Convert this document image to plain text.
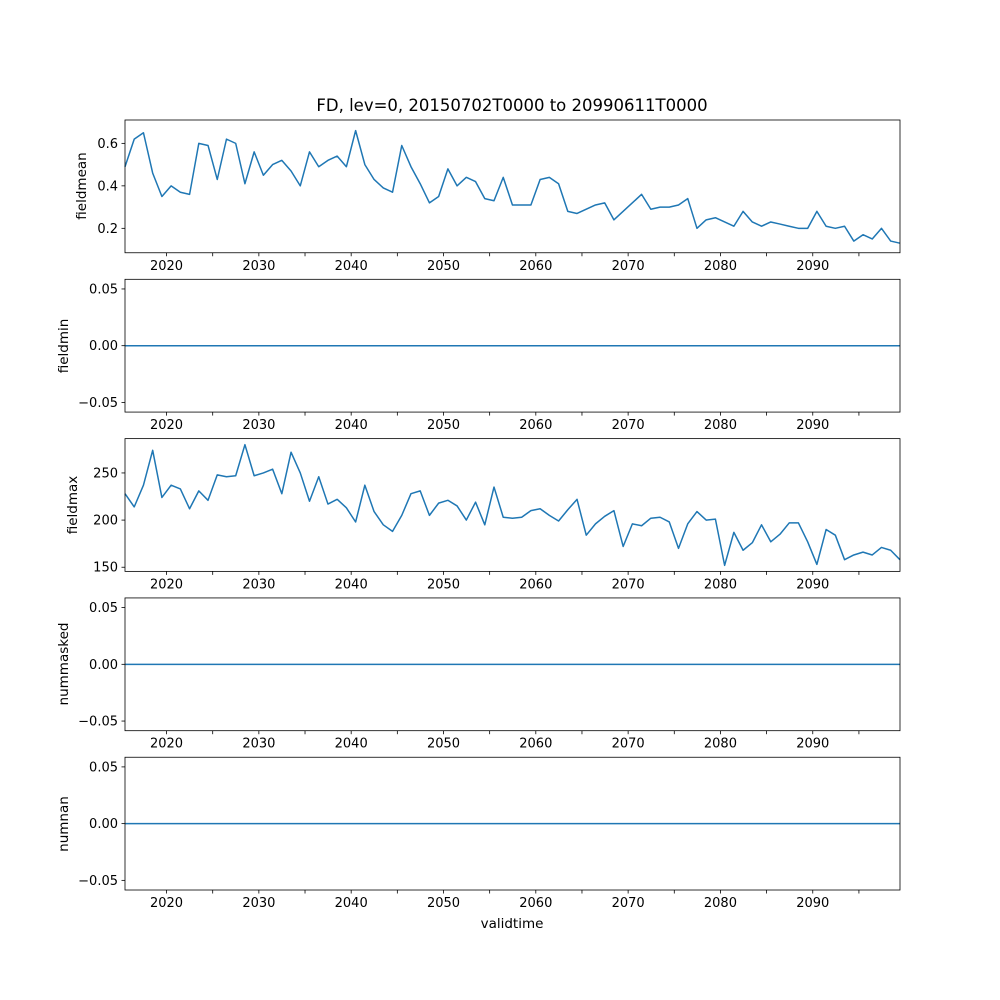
2020	2030	2040	2050	2060	2070	2080	2090
0.2
0.4
0.6
2020	2030	2040	2050	2060	2070	2080	2090
−0.05
0.00
0.05
2020	2030	2040	2050	2060	2070	2080	2090
150
200
250
2020	2030	2040	2050	2060	2070	2080	2090
−0.05
0.00
0.05
2020	2030	2040	2050	2060	2070	2080	2090
−0.05
0.00
0.05
FD, lev=0, 20150702T0000 to 20990611T0000
fieldmean
fieldmin
fieldmax
nummasked
numnan
validtime
